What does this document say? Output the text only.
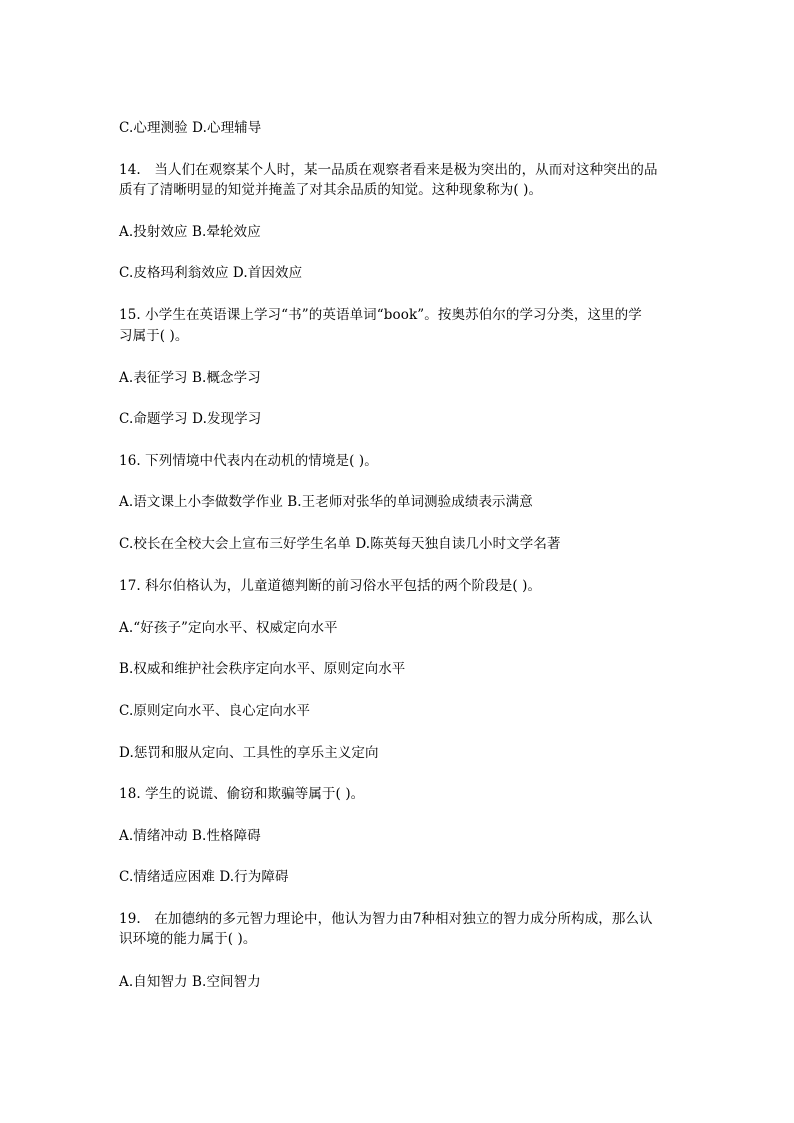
C.心理测验 D.心理辅导
14.　当人们在观察某个人时，某一品质在观察者看来是极为突出的，从而对这种突出的品
质有了清晰明显的知觉并掩盖了对其余品质的知觉。这种现象称为( )。
A.投射效应 B.晕轮效应
C.皮格玛利翁效应 D.首因效应
15. 小学生在英语课上学习“书”的英语单词“book”。按奥苏伯尔的学习分类，这里的学
习属于( )。
A.表征学习 B.概念学习
C.命题学习 D.发现学习
16. 下列情境中代表内在动机的情境是( )。
A.语文课上小李做数学作业 B.王老师对张华的单词测验成绩表示满意
C.校长在全校大会上宣布三好学生名单 D.陈英每天独自读几小时文学名著
17. 科尔伯格认为，儿童道德判断的前习俗水平包括的两个阶段是( )。
A.“好孩子”定向水平、权威定向水平
B.权威和维护社会秩序定向水平、原则定向水平
C.原则定向水平、良心定向水平
D.惩罚和服从定向、工具性的享乐主义定向
18. 学生的说谎、偷窃和欺骗等属于( )。
A.情绪冲动 B.性格障碍
C.情绪适应困难 D.行为障碍
19.　在加德纳的多元智力理论中，他认为智力由7种相对独立的智力成分所构成，那么认
识环境的能力属于( )。
A.自知智力 B.空间智力
